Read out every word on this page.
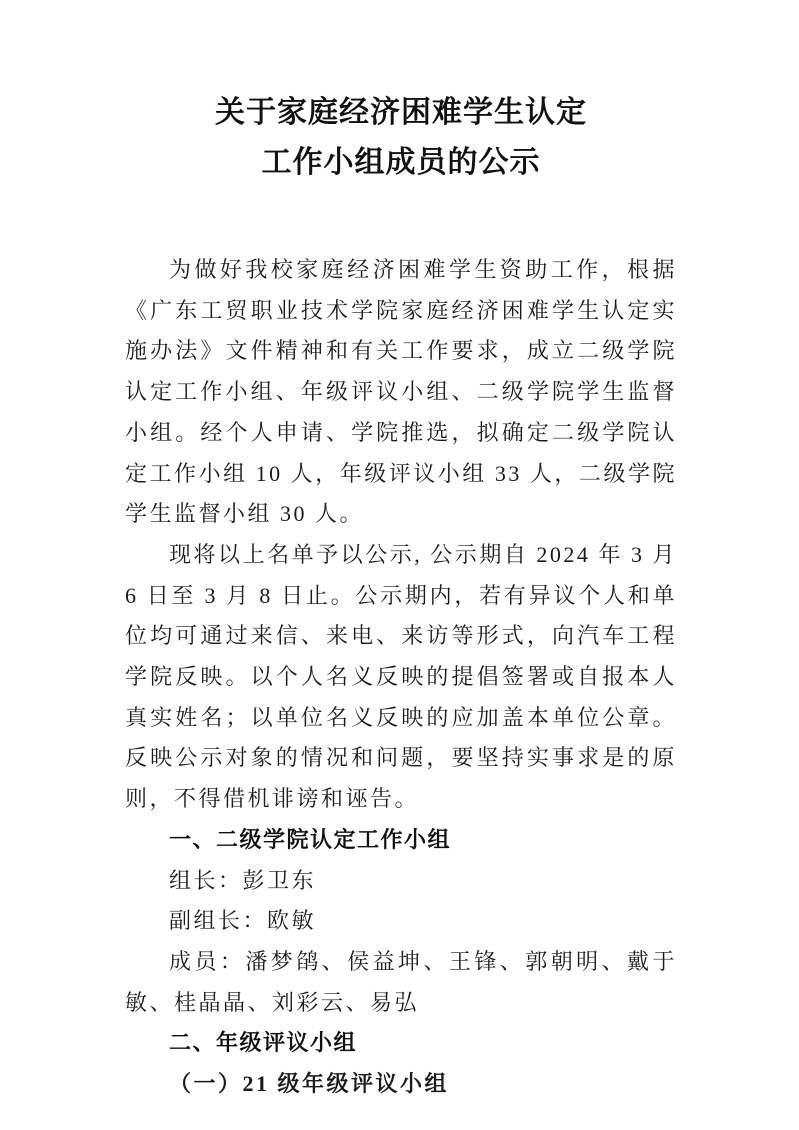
关于家庭经济困难学生认定
工作小组成员的公示

为做好我校家庭经济困难学生资助工作，根据《广东工贸职业技术学院家庭经济困难学生认定实施办法》文件精神和有关工作要求，成立二级学院认定工作小组、年级评议小组、二级学院学生监督小组。经个人申请、学院推选，拟确定二级学院认定工作小组 10 人，年级评议小组 33 人，二级学院学生监督小组 30 人。

现将以上名单予以公示, 公示期自 2024 年 3 月 6 日至 3 月 8 日止。公示期内，若有异议个人和单位均可通过来信、来电、来访等形式，向汽车工程学院反映。以个人名义反映的提倡签署或自报本人真实姓名；以单位名义反映的应加盖本单位公章。反映公示对象的情况和问题，要坚持实事求是的原则，不得借机诽谤和诬告。

一、二级学院认定工作小组

组长：彭卫东

副组长：欧敏

成员：潘梦鹐、侯益坤、王锋、郭朝明、戴于敏、桂晶晶、刘彩云、易弘

二、年级评议小组

（一）21 级年级评议小组
